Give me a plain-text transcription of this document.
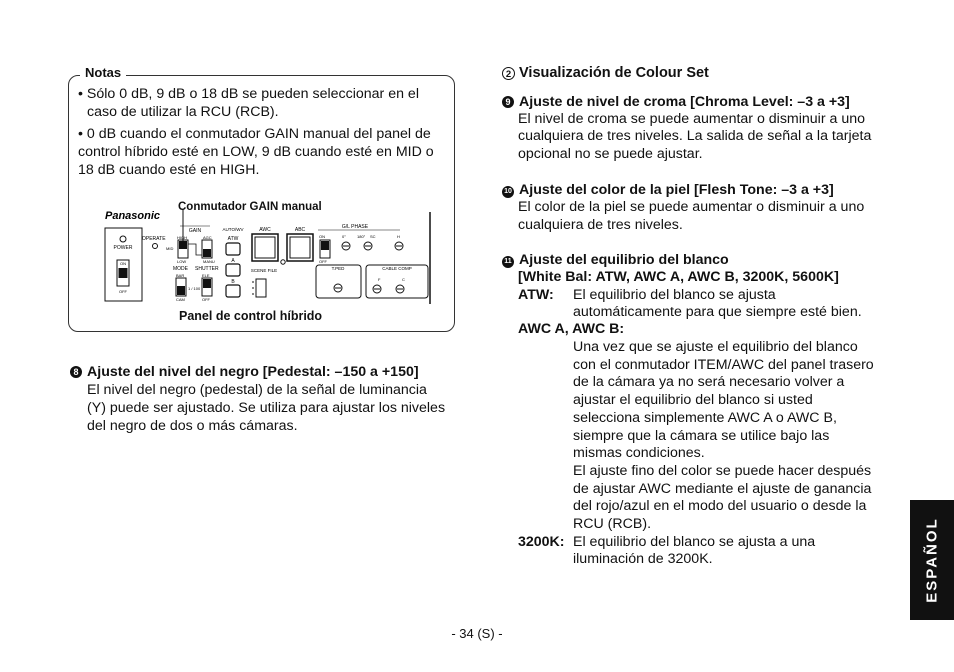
Notas
• Sólo 0 dB, 9 dB o 18 dB se pueden seleccionar en el
caso de utilizar la RCU (RCB).
• 0 dB cuando el conmutador GAIN manual del panel de
control híbrido esté en LOW, 9 dB cuando esté en MID o
18 dB cuando esté en HIGH.
Conmutador GAIN manual
Panasonic
POWER
ON
OFF
OPERATE
GAIN
HIGH
MID
LOW
AGC
MANU
MODE SHUTTER
BAR
CAM
ELE
1 / 100
OFF
AUTO/WV
ATW
A
B
AWC	ABC
SCENE FILE
G/L PHASE
ON
OFF
0°	180° SC	H
T.PED	CABLE COMP
F	C
Panel de control híbrido
8 Ajuste del nivel del negro [Pedestal: –150 a +150]
El nivel del negro (pedestal) de la señal de luminancia
(Y) puede ser ajustado. Se utiliza para ajustar los niveles
del negro de dos o más cámaras.
2 Visualización de Colour Set
9 Ajuste de nivel de croma [Chroma Level: –3 a +3]
El nivel de croma se puede aumentar o disminuir a uno
cualquiera de tres niveles. La salida de señal a la tarjeta
opcional no se puede ajustar.
10 Ajuste del color de la piel [Flesh Tone: –3 a +3]
El color de la piel se puede aumentar o disminuir a uno
cualquiera de tres niveles.
11 Ajuste del equilibrio del blanco
[White Bal: ATW, AWC A, AWC B, 3200K, 5600K]
ATW: El equilibrio del blanco se ajusta
automáticamente para que siempre esté bien.
AWC A, AWC B:
Una vez que se ajuste el equilibrio del blanco
con el conmutador ITEM/AWC del panel trasero
de la cámara ya no será necesario volver a
ajustar el equilibrio del blanco si usted
selecciona simplemente AWC A o AWC B,
siempre que la cámara se utilice bajo las
mismas condiciones.
El ajuste fino del color se puede hacer después
de ajustar AWC mediante el ajuste de ganancia
del rojo/azul en el modo del usuario o desde la
RCU (RCB).
3200K: El equilibrio del blanco se ajusta a una
iluminación de 3200K.
- 34 (S) -
ESPAÑOL
